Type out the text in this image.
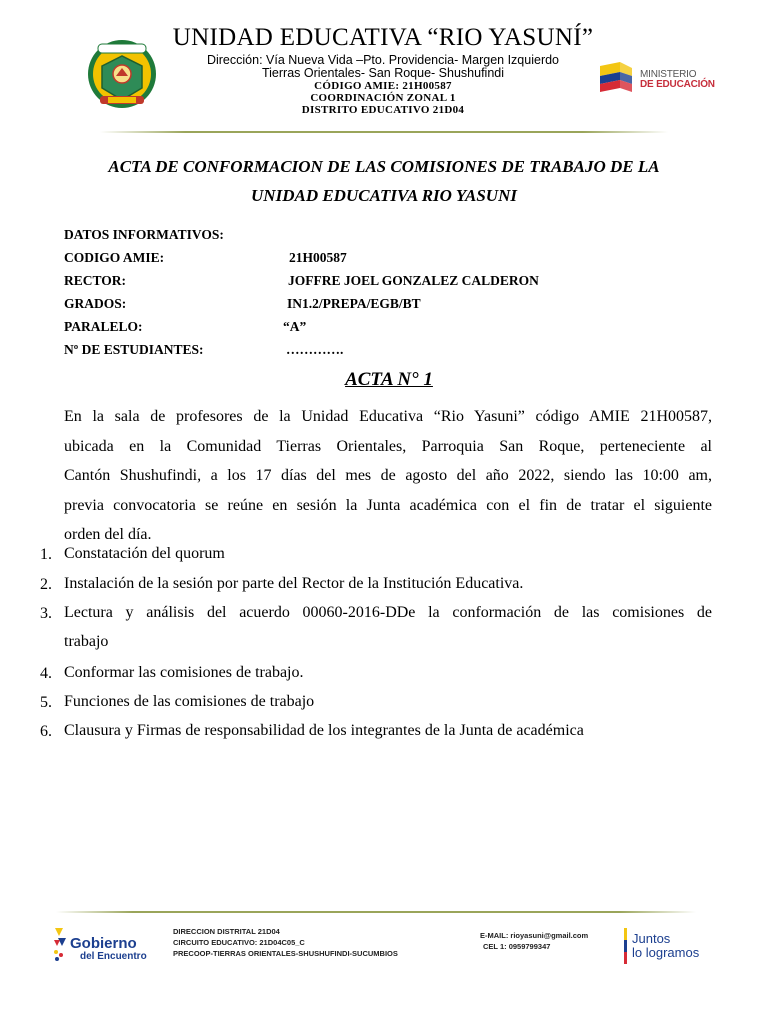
UNIDAD EDUCATIVA “RIO YASUNÍ”
Dirección: Vía Nueva Vida –Pto. Providencia- Margen Izquierdo
Tierras Orientales- San Roque- Shushufindi
CÓDIGO AMIE: 21H00587
COORDINACIÓN ZONAL 1
DISTRITO EDUCATIVO 21D04
MINISTERIO
DE EDUCACIÓN
ACTA DE CONFORMACION DE LAS COMISIONES DE TRABAJO DE LA
UNIDAD EDUCATIVA RIO YASUNI
DATOS INFORMATIVOS:
CODIGO AMIE:	21H00587
RECTOR:	JOFFRE JOEL GONZALEZ CALDERON
GRADOS:	IN1.2/PREPA/EGB/BT
PARALELO:	“A”
Nº DE ESTUDIANTES:	………….
ACTA N° 1

En la sala de profesores de la Unidad Educativa “Rio Yasuni” código AMIE 21H00587,

ubicada en la Comunidad Tierras Orientales, Parroquia San Roque, perteneciente al

Cantón Shushufindi, a los 17 días del mes de agosto del año 2022, siendo las 10:00 am,

previa convocatoria se reúne en sesión la Junta académica con el fin de tratar el siguiente

orden del día.

1. Constatación del quorum
2. Instalación de la sesión por parte del Rector de la Institución Educativa.
3. Lectura y análisis del acuerdo 00060-2016-DDe la conformación de las comisiones de
trabajo
4. Conformar las comisiones de trabajo.
5. Funciones de las comisiones de trabajo
6. Clausura y Firmas de responsabilidad de los integrantes de la Junta de académica
Gobierno
del Encuentro
DIRECCION DISTRITAL 21D04
CIRCUITO EDUCATIVO: 21D04C05_C
PRECOOP-TIERRAS ORIENTALES-SHUSHUFINDI-SUCUMBIOS
E-MAIL: rioyasuni@gmail.com
CEL 1: 0959799347
Juntos
lo logramos
